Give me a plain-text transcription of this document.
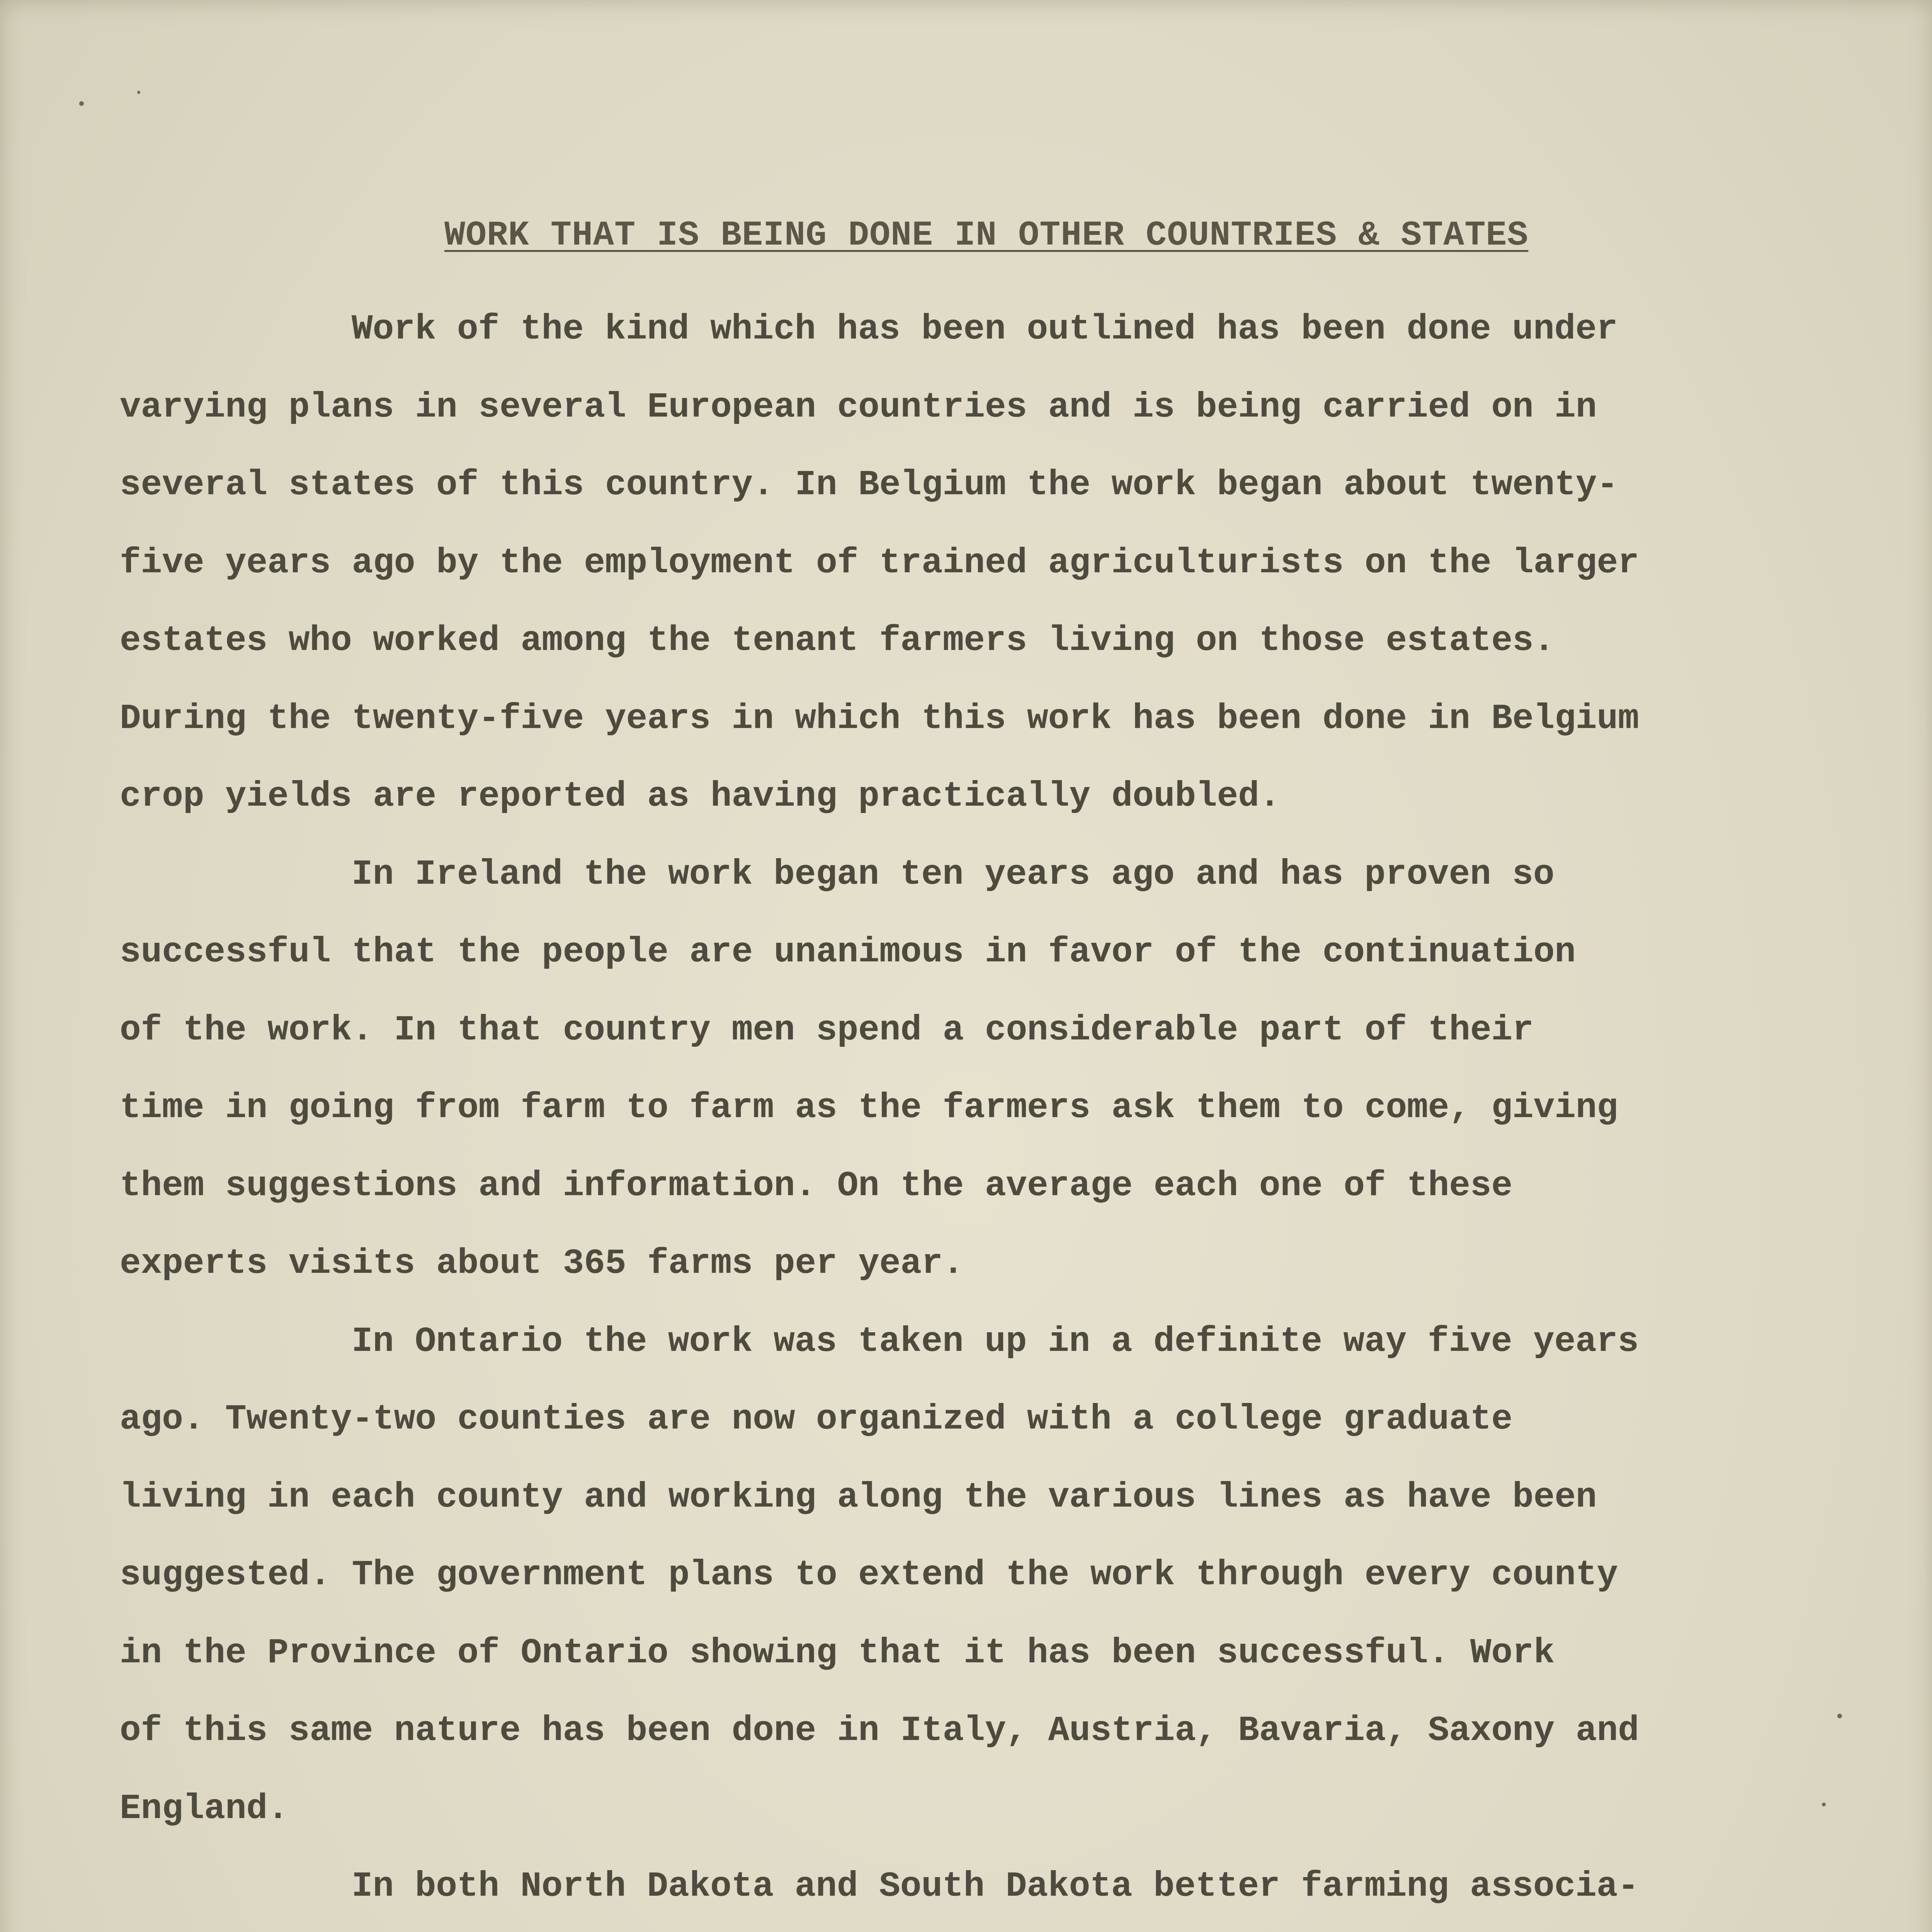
WORK THAT IS BEING DONE IN OTHER COUNTRIES & STATES
Work of the kind which has been outlined has been done under
varying plans in several European countries and is being carried on in
several states of this country. In Belgium the work began about twenty-
five years ago by the employment of trained agriculturists on the larger
estates who worked among the tenant farmers living on those estates.
During the twenty-five years in which this work has been done in Belgium
crop yields are reported as having practically doubled.
In Ireland the work began ten years ago and has proven so
successful that the people are unanimous in favor of the continuation
of the work. In that country men spend a considerable part of their
time in going from farm to farm as the farmers ask them to come, giving
them suggestions and information. On the average each one of these
experts visits about 365 farms per year.
In Ontario the work was taken up in a definite way five years
ago. Twenty-two counties are now organized with a college graduate
living in each county and working along the various lines as have been
suggested. The government plans to extend the work through every county
in the Province of Ontario showing that it has been successful. Work
of this same nature has been done in Italy, Austria, Bavaria, Saxony and
England.
In both North Dakota and South Dakota better farming associa-
